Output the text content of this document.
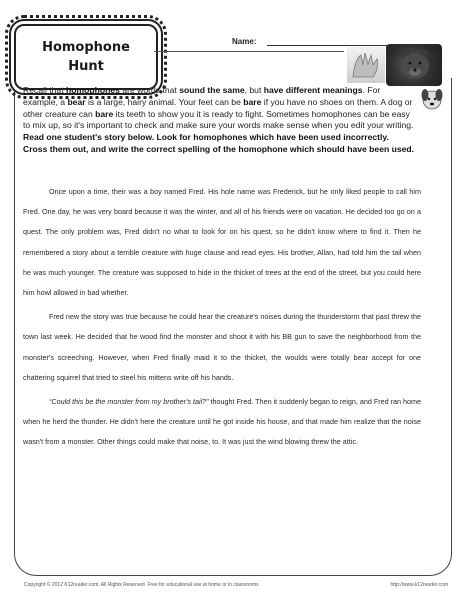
Homophone
Hunt
Name:
Recall that homophones are words that sound the same, but have different meanings. For example, a bear is a large, hairy animal. Your feet can be bare if you have no shoes on them. A dog or other creature can bare its teeth to show you it is ready to fight. Sometimes homophones can be easy to mix up, so it's important to check and make sure your words make sense when you edit your writing. Read one student's story below. Look for homophones which have been used incorrectly. Cross them out, and write the correct spelling of the homophone which should have been used.

Once upon a time, their was a boy named Fred. His hole name was Frederick, but he only liked people to call him Fred. One day, he was very board because it was the winter, and all of his friends were on vacation. He decided too go on a quest. The only problem was, Fred didn't no what to look for on his quest, so he didn't know where to find it. Then he remembered a story about a terrible creature with huge clause and read eyes. His brother, Allan, had told him the tail when he was much younger. The creature was supposed to hide in the thicket of trees at the end of the street, but you could here him howl allowed in bad whether.

Fred new the story was true because he could hear the creature's noises during the thunderstorm that past threw the town last week. He decided that he wood find the monster and shoot it with his BB gun to save the neighborhood from the monster's screeching. However, when Fred finally maid it to the thicket, the woulds were totally bear accept for one chattering squirrel that tried to steel his mittens write off his hands.

“Could this be the monster from my brother's tail?” thought Fred. Then it suddenly began to reign, and Fred ran home when he herd the thunder. He didn't here the creature until he got inside his house, and that made him realize that the noise wasn't from a monster. Other things could make that noise, to. It was just the wind blowing threw the attic.

Copyright © 2012 K12reader.com. All Rights Reserved. Free for educational use at home or in classrooms	http://www.k12reader.com
